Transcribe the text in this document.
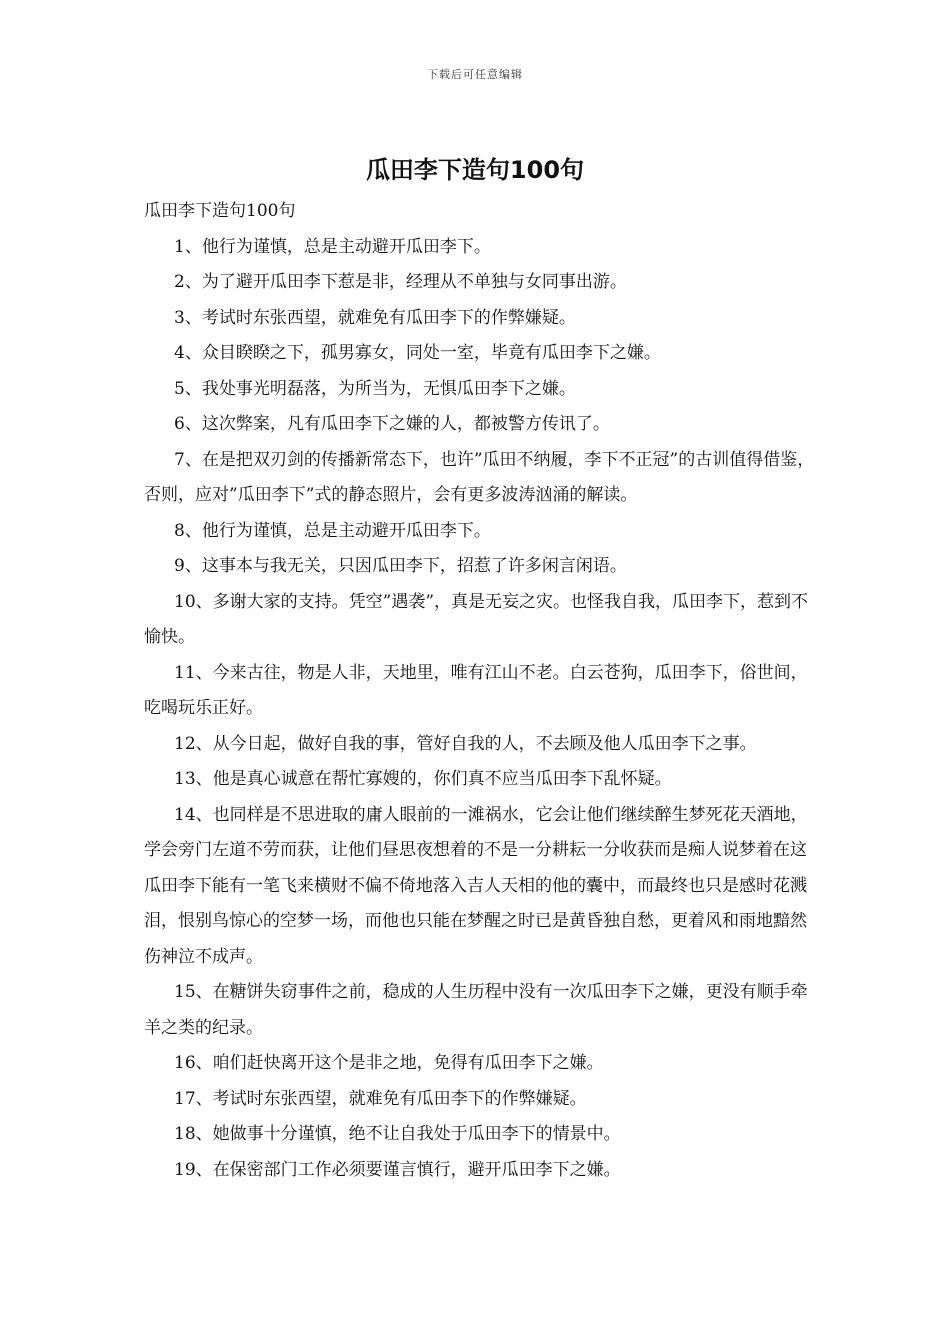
下载后可任意编辑
瓜田李下造句100句

瓜田李下造句100句

1、他行为谨慎，总是主动避开瓜田李下。

2、为了避开瓜田李下惹是非，经理从不单独与女同事出游。

3、考试时东张西望，就难免有瓜田李下的作弊嫌疑。

4、众目睽睽之下，孤男寡女，同处一室，毕竟有瓜田李下之嫌。

5、我处事光明磊落，为所当为，无惧瓜田李下之嫌。

6、这次弊案，凡有瓜田李下之嫌的人，都被警方传讯了。

7、在是把双刃剑的传播新常态下，也许”瓜田不纳履，李下不正冠”的古训值得借鉴，否则，应对”瓜田李下”式的静态照片，会有更多波涛汹涌的解读。

8、他行为谨慎，总是主动避开瓜田李下。

9、这事本与我无关，只因瓜田李下，招惹了许多闲言闲语。

10、多谢大家的支持。凭空”遇袭”，真是无妄之灾。也怪我自我，瓜田李下，惹到不愉快。

11、今来古往，物是人非，天地里，唯有江山不老。白云苍狗，瓜田李下，俗世间，吃喝玩乐正好。

12、从今日起，做好自我的事，管好自我的人，不去顾及他人瓜田李下之事。

13、他是真心诚意在帮忙寡嫂的，你们真不应当瓜田李下乱怀疑。

14、也同样是不思进取的庸人眼前的一滩祸水，它会让他们继续醉生梦死花天酒地，学会旁门左道不劳而获，让他们昼思夜想着的不是一分耕耘一分收获而是痴人说梦着在这瓜田李下能有一笔飞来横财不偏不倚地落入吉人天相的他的囊中，而最终也只是感时花溅泪，恨别鸟惊心的空梦一场，而他也只能在梦醒之时已是黄昏独自愁，更着风和雨地黯然伤神泣不成声。

15、在糖饼失窃事件之前，稳成的人生历程中没有一次瓜田李下之嫌，更没有顺手牵羊之类的纪录。

16、咱们赶快离开这个是非之地，免得有瓜田李下之嫌。

17、考试时东张西望，就难免有瓜田李下的作弊嫌疑。

18、她做事十分谨慎，绝不让自我处于瓜田李下的情景中。

19、在保密部门工作必须要谨言慎行，避开瓜田李下之嫌。
